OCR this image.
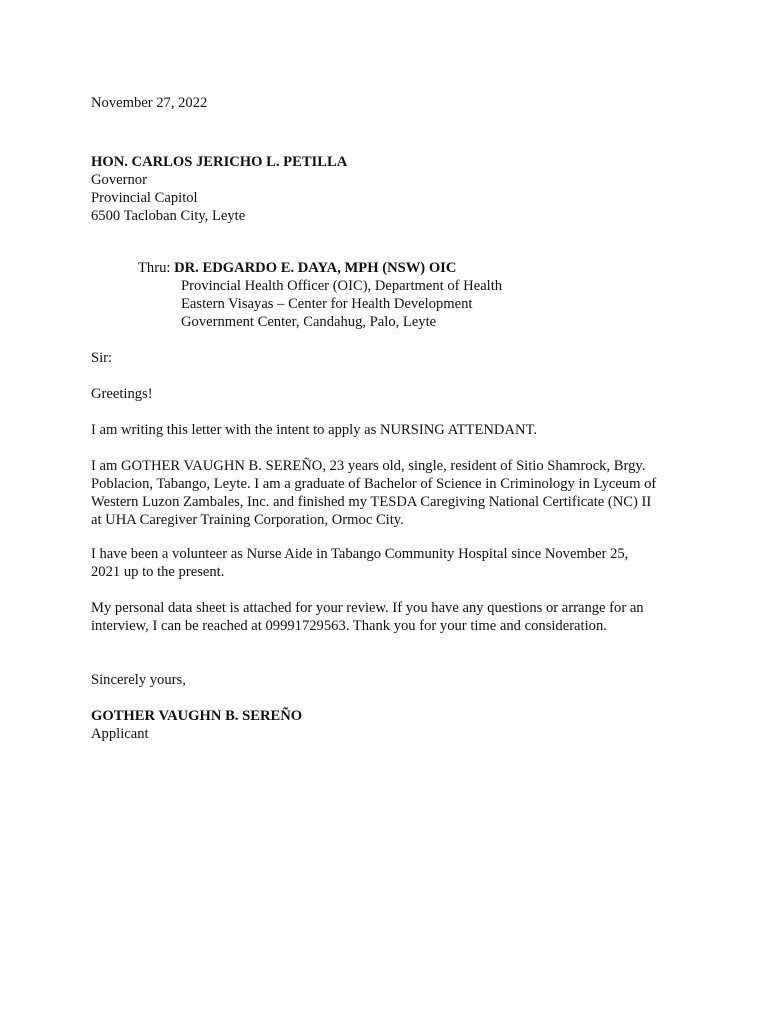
November 27, 2022
HON. CARLOS JERICHO L. PETILLA
Governor
Provincial Capitol
6500 Tacloban City, Leyte
Thru: DR. EDGARDO E. DAYA, MPH (NSW) OIC
Provincial Health Officer (OIC), Department of Health
Eastern Visayas – Center for Health Development
Government Center, Candahug, Palo, Leyte
Sir:
Greetings!
I am writing this letter with the intent to apply as NURSING ATTENDANT.
I am GOTHER VAUGHN B. SEREÑO, 23 years old, single, resident of Sitio Shamrock, Brgy.
Poblacion, Tabango, Leyte. I am a graduate of Bachelor of Science in Criminology in Lyceum of
Western Luzon Zambales, Inc. and finished my TESDA Caregiving National Certificate (NC) II
at UHA Caregiver Training Corporation, Ormoc City.
I have been a volunteer as Nurse Aide in Tabango Community Hospital since November 25,
2021 up to the present.
My personal data sheet is attached for your review. If you have any questions or arrange for an
interview, I can be reached at 09991729563. Thank you for your time and consideration.
Sincerely yours,
GOTHER VAUGHN B. SEREÑO
Applicant
